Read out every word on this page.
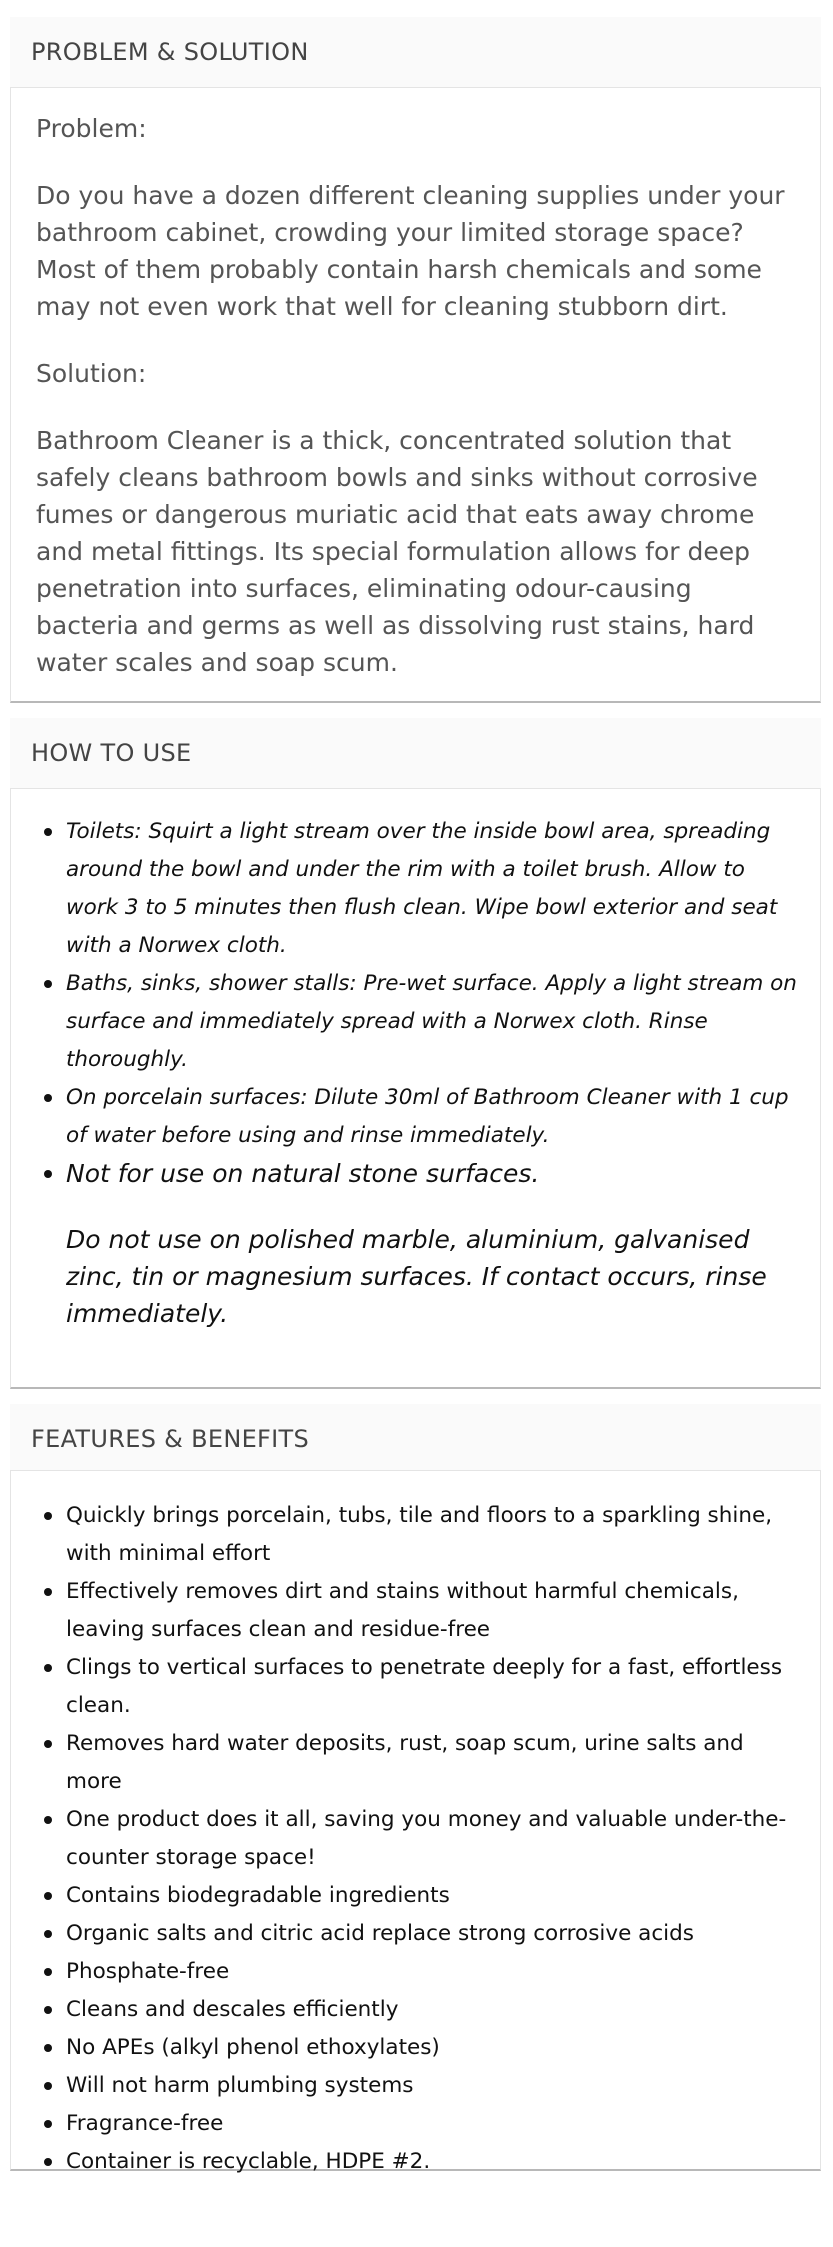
PROBLEM & SOLUTION

Problem:

Do you have a dozen different cleaning supplies under your bathroom cabinet, crowding your limited storage space? Most of them probably contain harsh chemicals and some may not even work that well for cleaning stubborn dirt.

Solution:

Bathroom Cleaner is a thick, concentrated solution that safely cleans bathroom bowls and sinks without corrosive fumes or dangerous muriatic acid that eats away chrome and metal fittings. Its special formulation allows for deep penetration into surfaces, eliminating odour-causing bacteria and germs as well as dissolving rust stains, hard water scales and soap scum.

HOW TO USE
Toilets: Squirt a light stream over the inside bowl area, spreading around the bowl and under the rim with a toilet brush. Allow to work 3 to 5 minutes then flush clean. Wipe bowl exterior and seat with a Norwex cloth.
Baths, sinks, shower stalls: Pre-wet surface. Apply a light stream on surface and immediately spread with a Norwex cloth. Rinse thoroughly.
On porcelain surfaces: Dilute 30ml of Bathroom Cleaner with 1 cup of water before using and rinse immediately.
Not for use on natural stone surfaces.
Do not use on polished marble, aluminium, galvanised zinc, tin or magnesium surfaces. If contact occurs, rinse immediately.
FEATURES & BENEFITS
Quickly brings porcelain, tubs, tile and floors to a sparkling shine, with minimal effort
Effectively removes dirt and stains without harmful chemicals, leaving surfaces clean and residue-free
Clings to vertical surfaces to penetrate deeply for a fast, effortless clean.
Removes hard water deposits, rust, soap scum, urine salts and more
One product does it all, saving you money and valuable under-the-counter storage space!
Contains biodegradable ingredients
Organic salts and citric acid replace strong corrosive acids
Phosphate-free
Cleans and descales efficiently
No APEs (alkyl phenol ethoxylates)
Will not harm plumbing systems
Fragrance-free
Container is recyclable, HDPE #2.
